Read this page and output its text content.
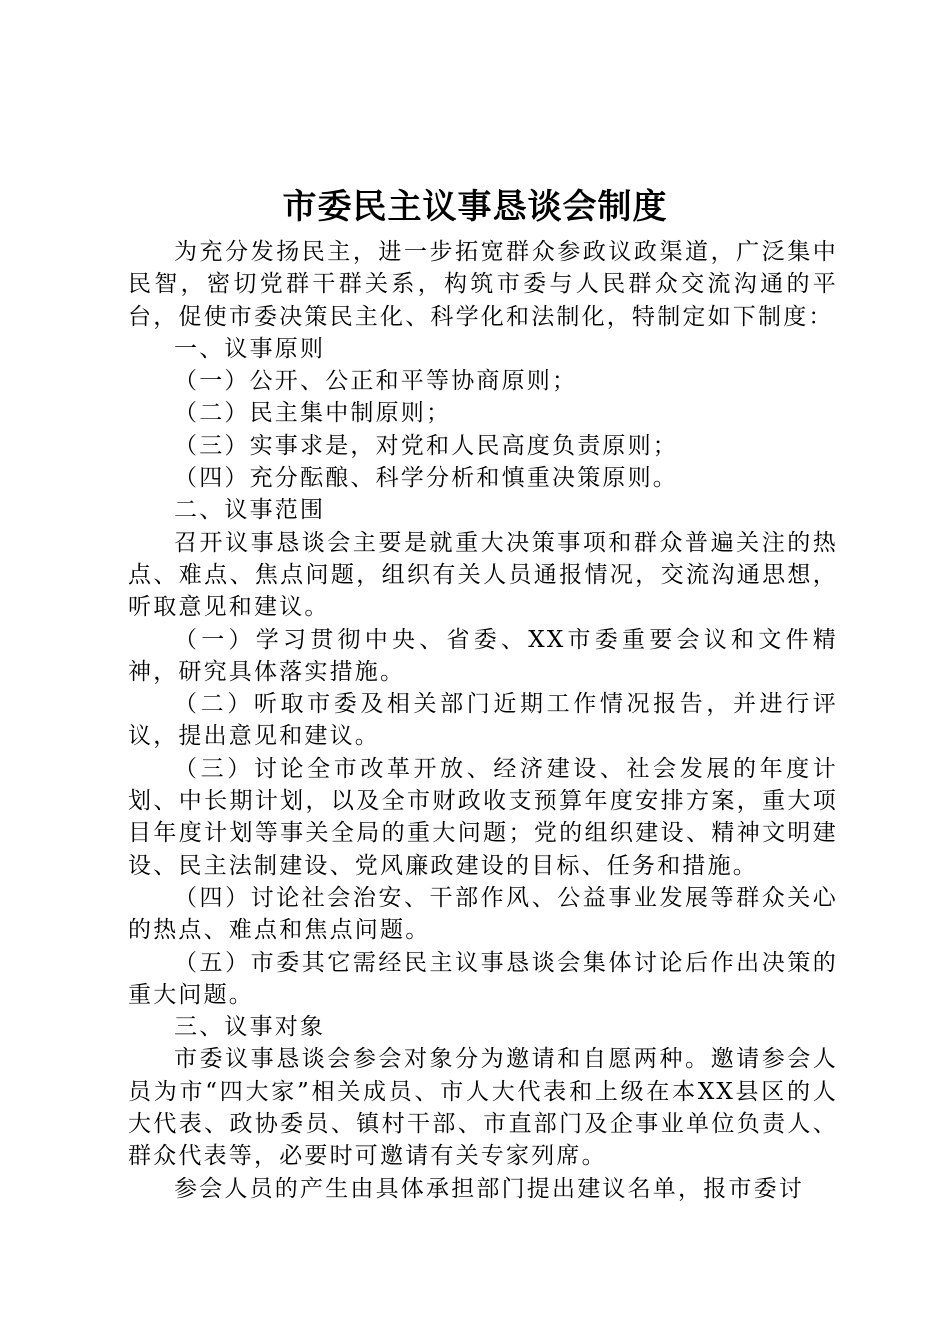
市委民主议事恳谈会制度

为充分发扬民主，进一步拓宽群众参政议政渠道，广泛集中民智，密切党群干群关系，构筑市委与人民群众交流沟通的平台，促使市委决策民主化、科学化和法制化，特制定如下制度：

一、议事原则

（一）公开、公正和平等协商原则；

（二）民主集中制原则；

（三）实事求是，对党和人民高度负责原则；

（四）充分酝酿、科学分析和慎重决策原则。

二、议事范围

召开议事恳谈会主要是就重大决策事项和群众普遍关注的热点、难点、焦点问题，组织有关人员通报情况，交流沟通思想，听取意见和建议。

（一）学习贯彻中央、省委、XX市委重要会议和文件精神，研究具体落实措施。

（二）听取市委及相关部门近期工作情况报告，并进行评议，提出意见和建议。

（三）讨论全市改革开放、经济建设、社会发展的年度计划、中长期计划，以及全市财政收支预算年度安排方案，重大项目年度计划等事关全局的重大问题；党的组织建设、精神文明建设、民主法制建设、党风廉政建设的目标、任务和措施。

（四）讨论社会治安、干部作风、公益事业发展等群众关心的热点、难点和焦点问题。

（五）市委其它需经民主议事恳谈会集体讨论后作出决策的重大问题。

三、议事对象

市委议事恳谈会参会对象分为邀请和自愿两种。邀请参会人员为市“四大家”相关成员、市人大代表和上级在本XX县区的人大代表、政协委员、镇村干部、市直部门及企事业单位负责人、群众代表等，必要时可邀请有关专家列席。

参会人员的产生由具体承担部门提出建议名单，报市委讨
